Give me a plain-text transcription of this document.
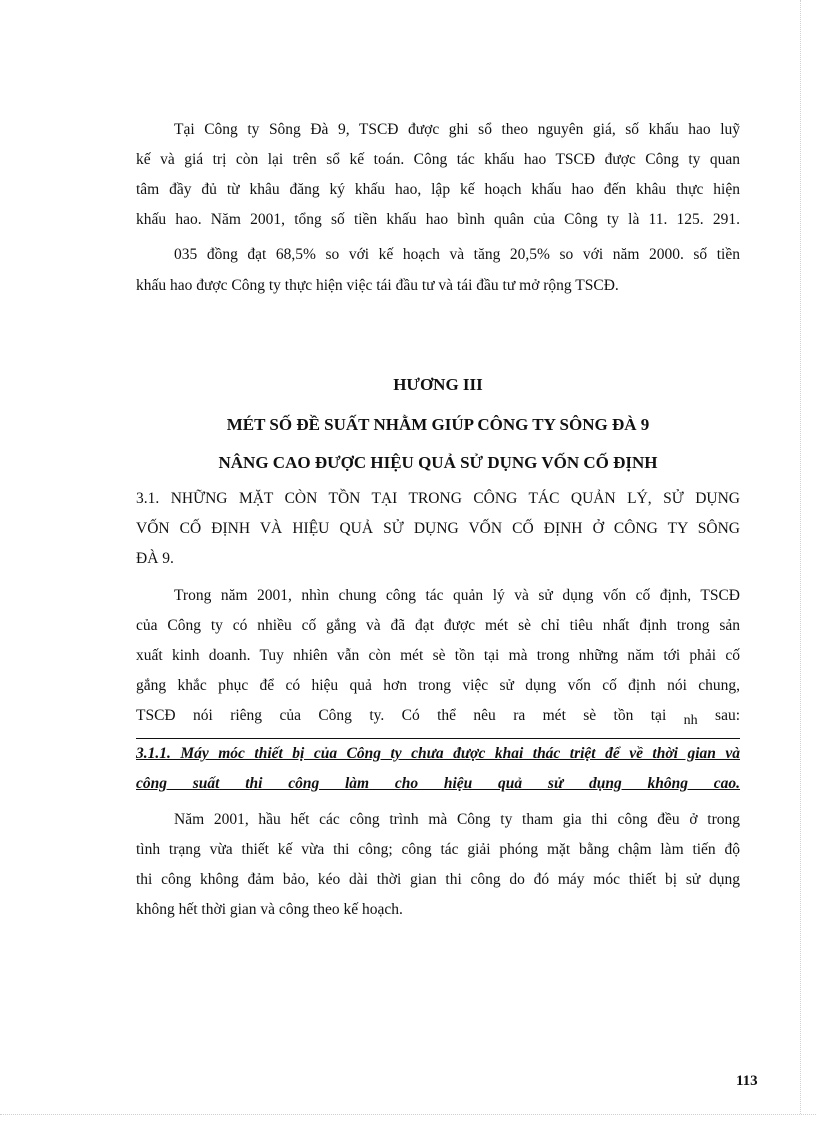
Tại Công ty Sông Đà 9, TSCĐ được ghi sổ theo nguyên giá, số khấu hao luỹ
kế và giá trị còn lại trên sổ kế toán. Công tác khấu hao TSCĐ được Công ty quan
tâm đầy đủ từ khâu đăng ký khấu hao, lập kế hoạch khấu hao đến khâu thực hiện
khấu hao. Năm 2001, tổng số tiền khấu hao bình quân của Công ty là 11. 125. 291.
035 đồng đạt 68,5% so với kế hoạch và tăng 20,5% so với năm 2000. số tiền
khấu hao được Công ty thực hiện việc tái đầu tư và tái đầu tư mở rộng TSCĐ.
HƯƠNG III
MÉT SỐ ĐỀ SUẤT NHẰM GIÚP CÔNG TY SÔNG ĐÀ 9
NÂNG CAO ĐƯỢC HIỆU QUẢ SỬ DỤNG VỐN CỐ ĐỊNH
3.1. NHỮNG MẶT CÒN TỒN TẠI TRONG CÔNG TÁC QUẢN LÝ, SỬ DỤNG
VỐN CỐ ĐỊNH VÀ HIỆU QUẢ SỬ DỤNG VỐN CỐ ĐỊNH Ở CÔNG TY SÔNG
ĐÀ 9.
Trong năm 2001, nhìn chung công tác quản lý và sử dụng vốn cố định, TSCĐ
của Công ty có nhiều cố gắng và đã đạt được mét sè chỉ tiêu nhất định trong sản
xuất kinh doanh. Tuy nhiên vẫn còn mét sè tồn tại mà trong những năm tới phải cố
gắng khắc phục để có hiệu quả hơn trong việc sử dụng vốn cố định nói chung,
TSCĐ nói riêng của Công ty. Có thể nêu ra mét sè tồn tại nh sau:
3.1.1. Máy móc thiết bị của Công ty chưa được khai thác triệt để về thời gian và
công suất thi công làm cho hiệu quả sử dụng không cao.
Năm 2001, hầu hết các công trình mà Công ty tham gia thi công đều ở trong
tình trạng vừa thiết kế vừa thi công; công tác giải phóng mặt bằng chậm làm tiến độ
thi công không đảm bảo, kéo dài thời gian thi công do đó máy móc thiết bị sử dụng
không hết thời gian và công theo kế hoạch.
113
